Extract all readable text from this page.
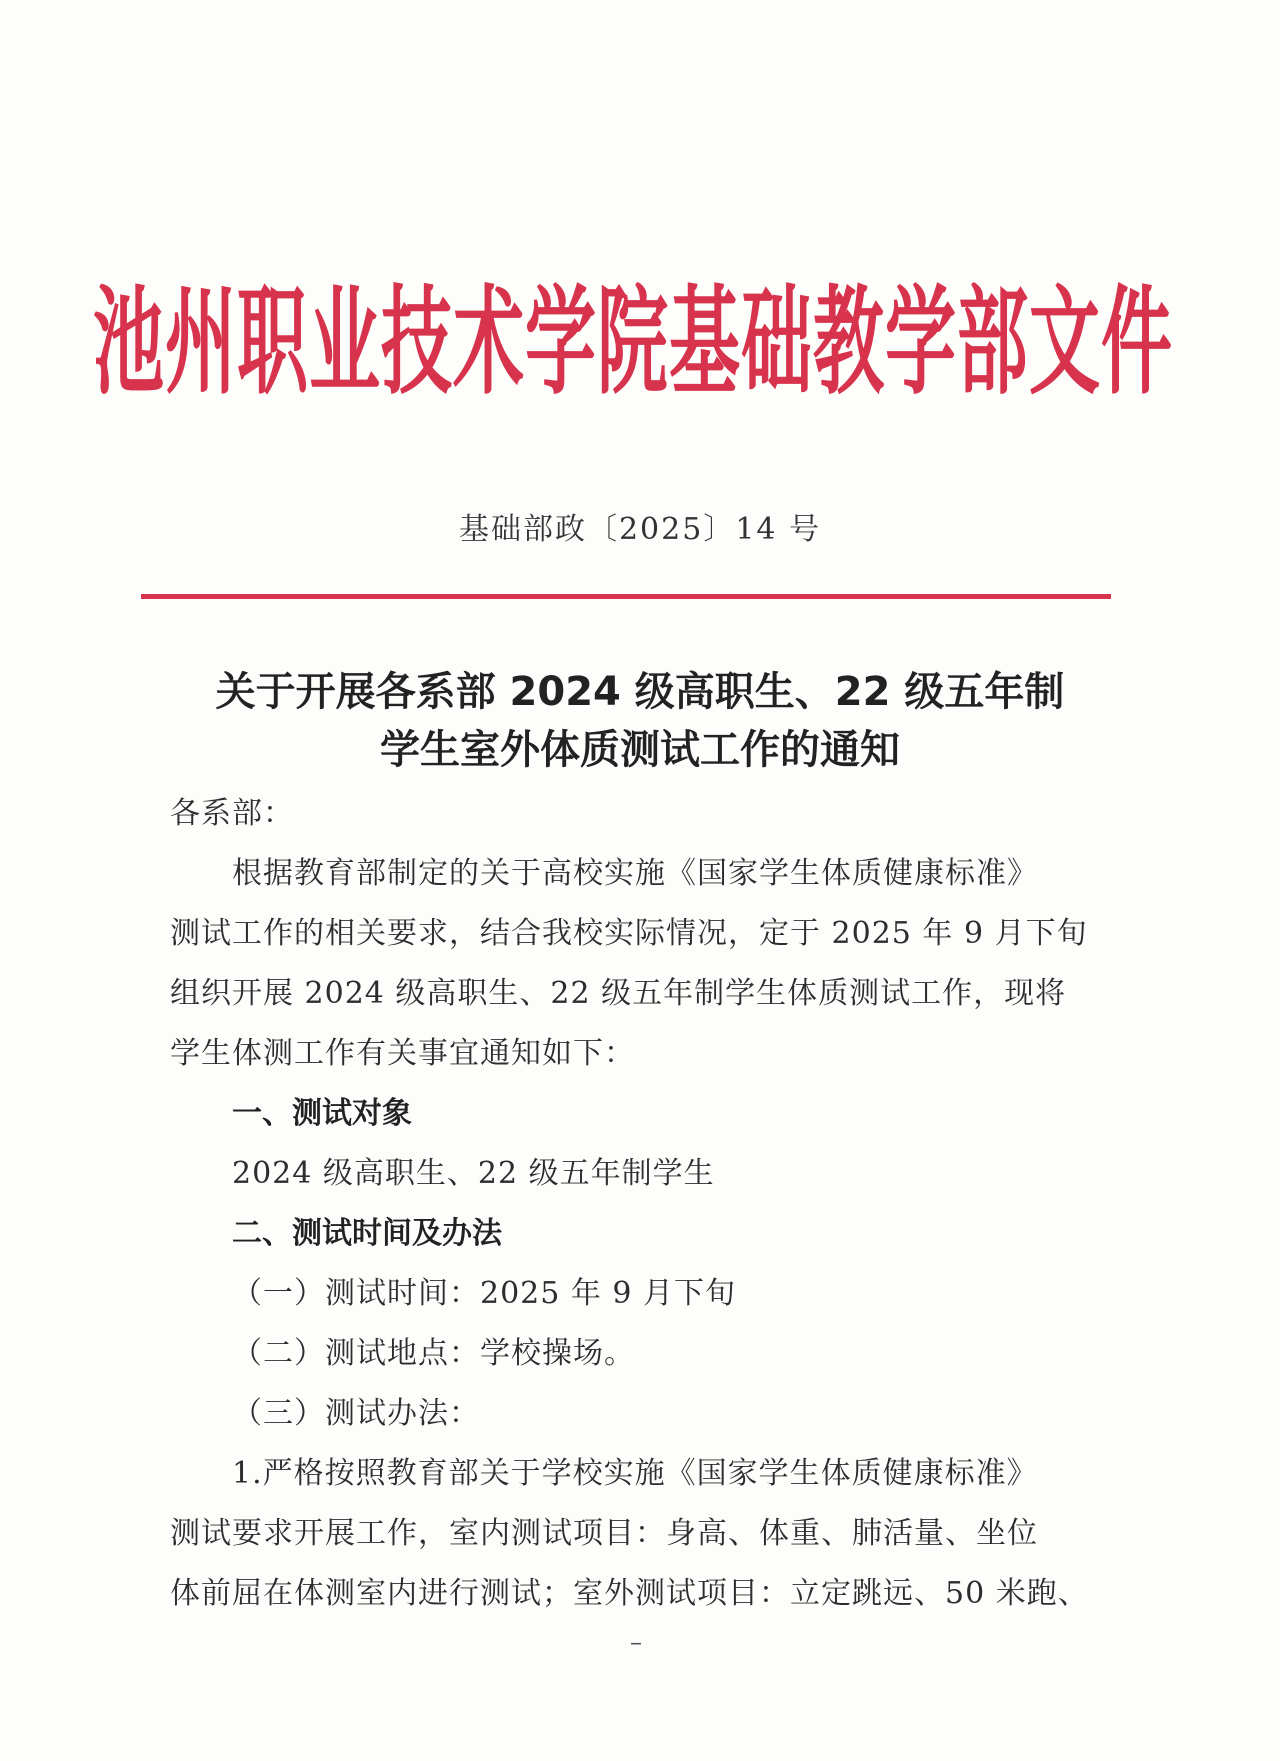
池州职业技术学院基础教学部文件
基础部政〔2025〕14 号
关于开展各系部 2024 级高职生、22 级五年制
学生室外体质测试工作的通知
各系部：
根据教育部制定的关于高校实施《国家学生体质健康标准》
测试工作的相关要求，结合我校实际情况，定于 2025 年 9 月下旬
组织开展 2024 级高职生、22 级五年制学生体质测试工作，现将
学生体测工作有关事宜通知如下：
一、测试对象
2024 级高职生、22 级五年制学生
二、测试时间及办法
（一）测试时间：2025 年 9 月下旬
（二）测试地点：学校操场。
（三）测试办法：
1.严格按照教育部关于学校实施《国家学生体质健康标准》
测试要求开展工作，室内测试项目：身高、体重、肺活量、坐位
体前屈在体测室内进行测试；室外测试项目：立定跳远、50 米跑、
–
